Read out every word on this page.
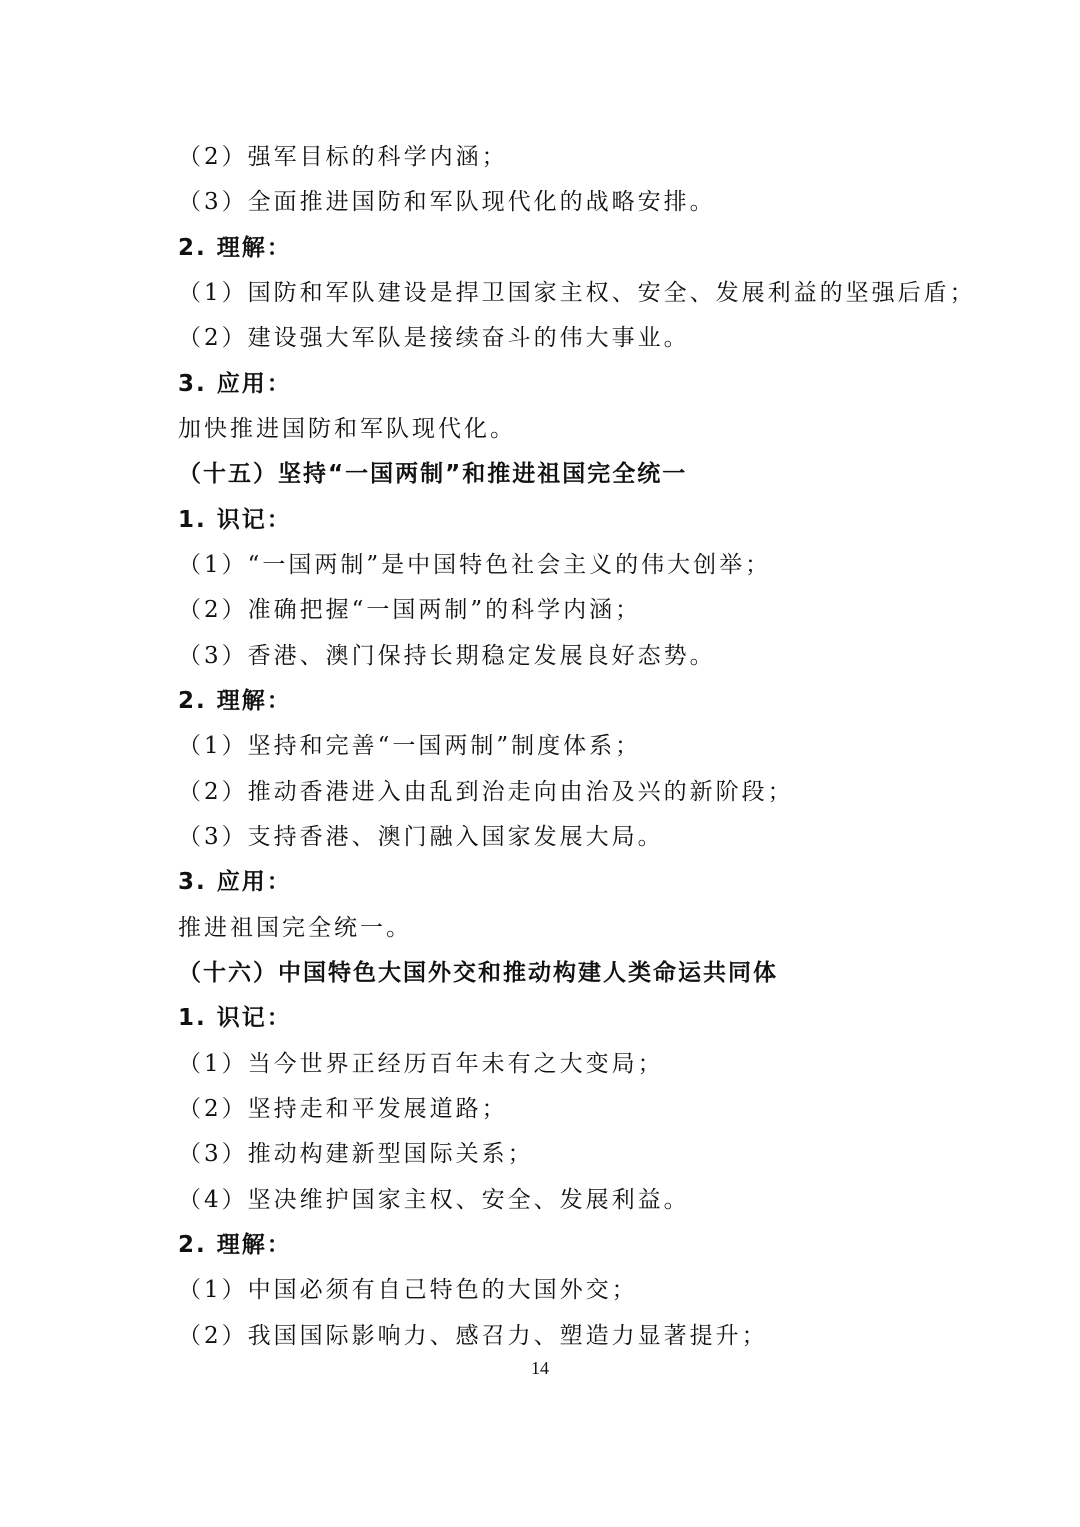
（2）强军目标的科学内涵；
（3）全面推进国防和军队现代化的战略安排。
2. 理解：
（1）国防和军队建设是捍卫国家主权、安全、发展利益的坚强后盾；
（2）建设强大军队是接续奋斗的伟大事业。
3. 应用：
加快推进国防和军队现代化。
（十五）坚持“一国两制”和推进祖国完全统一
1. 识记：
（1）“一国两制”是中国特色社会主义的伟大创举；
（2）准确把握“一国两制”的科学内涵；
（3）香港、澳门保持长期稳定发展良好态势。
2. 理解：
（1）坚持和完善“一国两制”制度体系；
（2）推动香港进入由乱到治走向由治及兴的新阶段；
（3）支持香港、澳门融入国家发展大局。
3. 应用：
推进祖国完全统一。
（十六）中国特色大国外交和推动构建人类命运共同体
1. 识记：
（1）当今世界正经历百年未有之大变局；
（2）坚持走和平发展道路；
（3）推动构建新型国际关系；
（4）坚决维护国家主权、安全、发展利益。
2. 理解：
（1）中国必须有自己特色的大国外交；
（2）我国国际影响力、感召力、塑造力显著提升；
14
